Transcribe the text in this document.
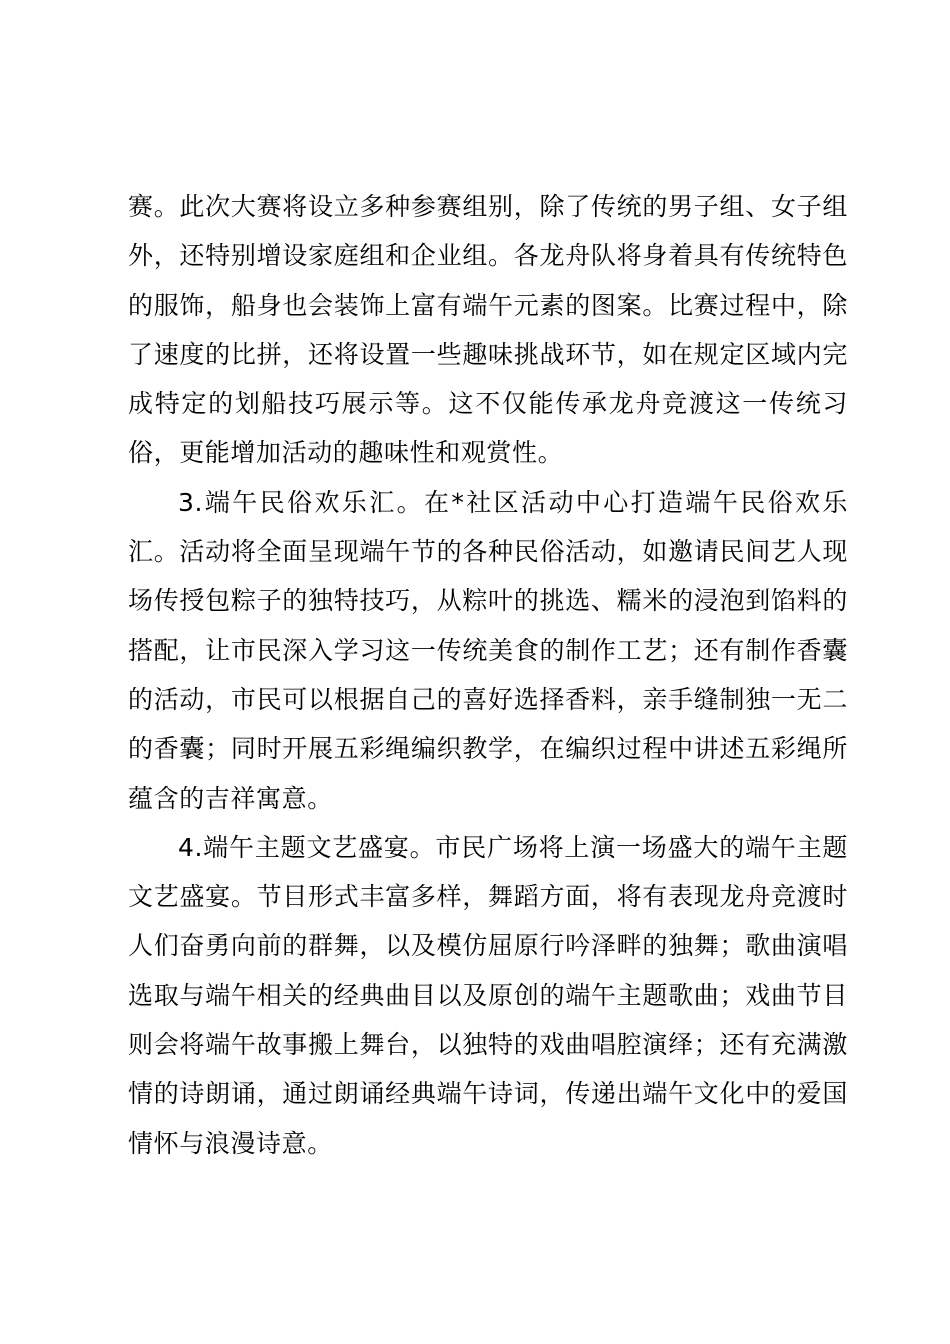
赛。此次大赛将设立多种参赛组别，除了传统的男子组、女子组外，还特别增设家庭组和企业组。各龙舟队将身着具有传统特色的服饰，船身也会装饰上富有端午元素的图案。比赛过程中，除了速度的比拼，还将设置一些趣味挑战环节，如在规定区域内完成特定的划船技巧展示等。这不仅能传承龙舟竞渡这一传统习俗，更能增加活动的趣味性和观赏性。

3.端午民俗欢乐汇。在*社区活动中心打造端午民俗欢乐汇。活动将全面呈现端午节的各种民俗活动，如邀请民间艺人现场传授包粽子的独特技巧，从粽叶的挑选、糯米的浸泡到馅料的搭配，让市民深入学习这一传统美食的制作工艺；还有制作香囊的活动，市民可以根据自己的喜好选择香料，亲手缝制独一无二的香囊；同时开展五彩绳编织教学，在编织过程中讲述五彩绳所蕴含的吉祥寓意。

4.端午主题文艺盛宴。市民广场将上演一场盛大的端午主题文艺盛宴。节目形式丰富多样，舞蹈方面，将有表现龙舟竞渡时人们奋勇向前的群舞，以及模仿屈原行吟泽畔的独舞；歌曲演唱选取与端午相关的经典曲目以及原创的端午主题歌曲；戏曲节目则会将端午故事搬上舞台，以独特的戏曲唱腔演绎；还有充满激情的诗朗诵，通过朗诵经典端午诗词，传递出端午文化中的爱国情怀与浪漫诗意。
